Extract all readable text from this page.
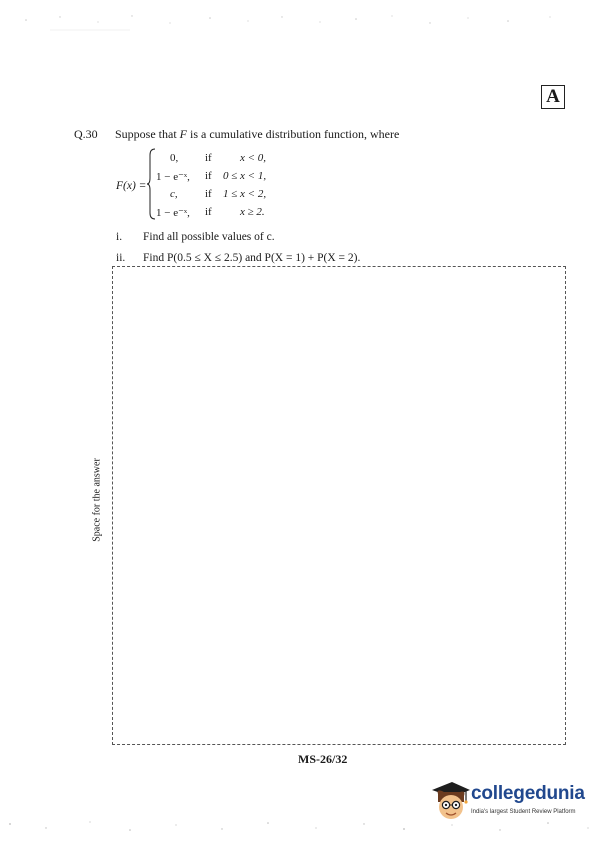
A
Q.30 Suppose that F is a cumulative distribution function, where
F(x) =
0, if	x < 0,
1 − e⁻ˣ, if 0 ≤ x < 1,
c, if 1 ≤ x < 2,
1 − e⁻ˣ, if	x ≥ 2.
i. Find all possible values of c.
ii. Find P(0.5 ≤ X ≤ 2.5) and P(X = 1) + P(X = 2).
Space for the answer
MS-26/32
collegedunia
India's largest Student Review Platform
